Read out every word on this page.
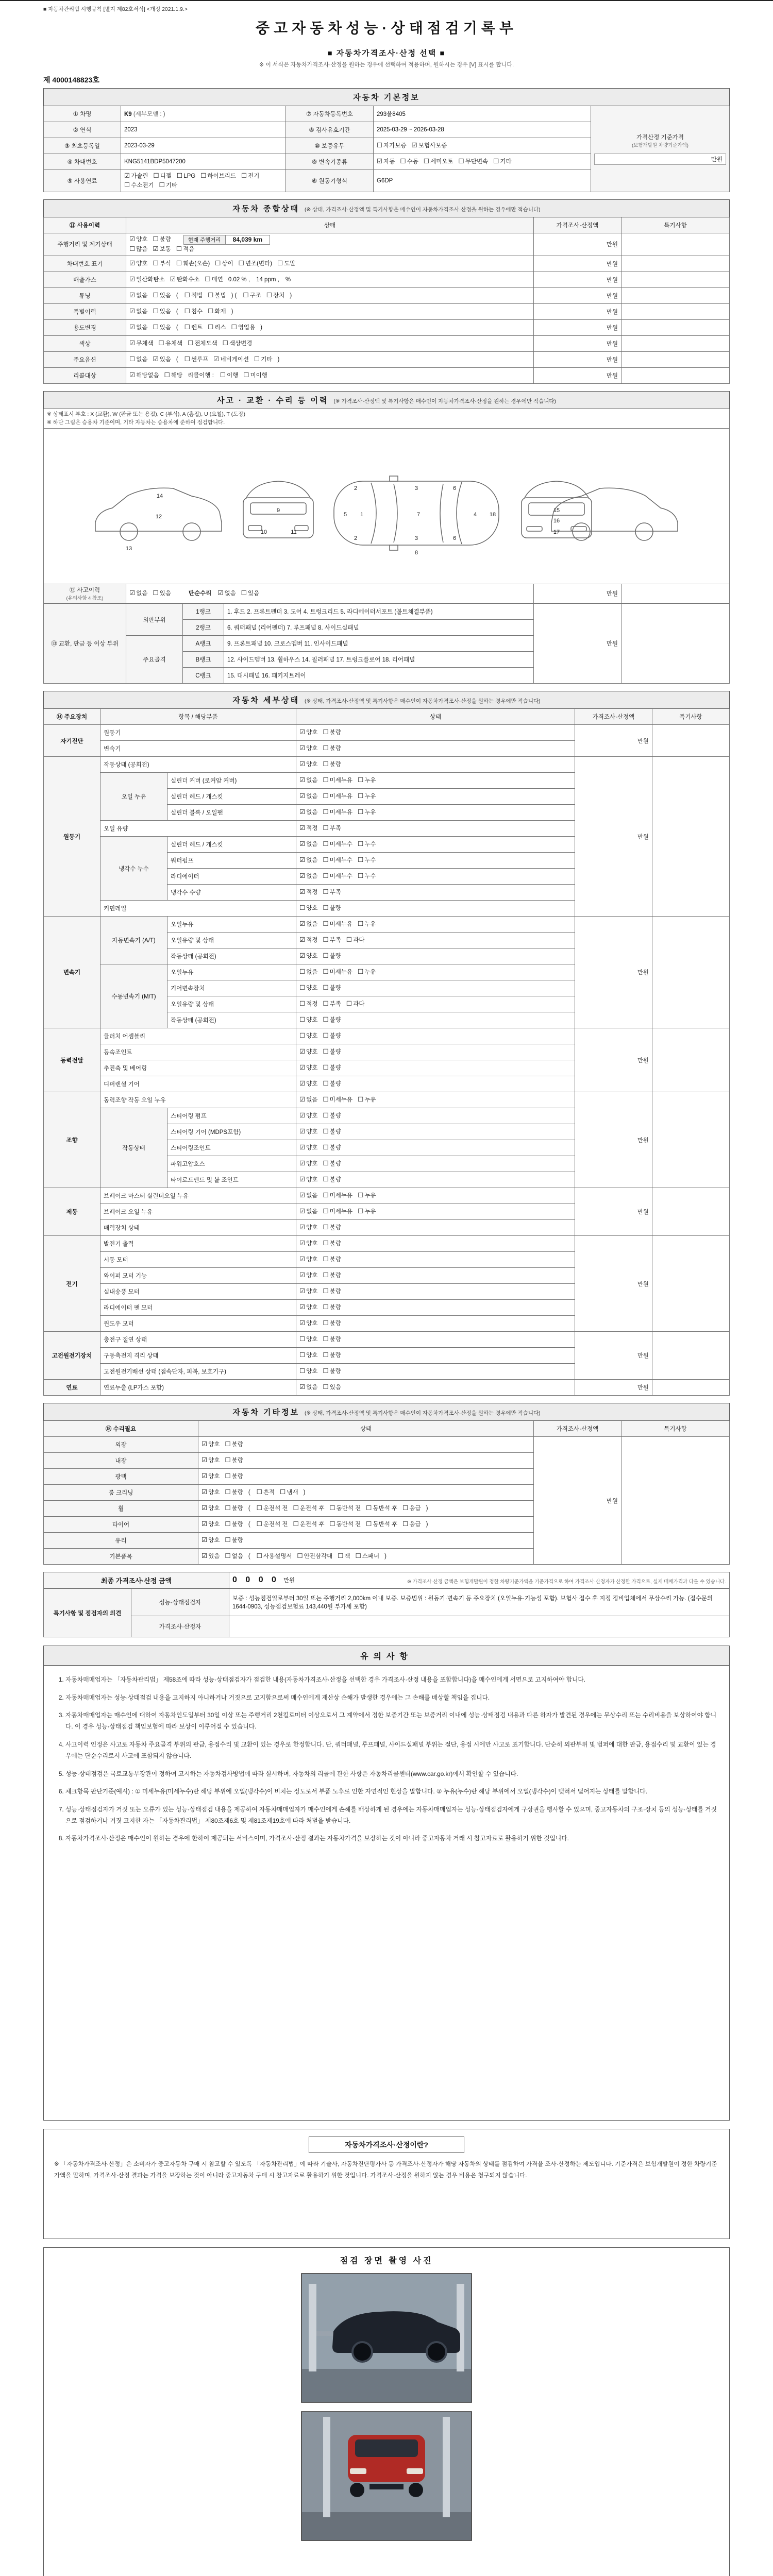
■ 자동차관리법 시행규칙 [별지 제82호서식] <개정 2021.1.9.>
중고자동차성능·상태점검기록부
■ 자동차가격조사·산정 선택 ■
※ 이 서식은 자동차가격조사·산정을 원하는 경우에 선택하여 적용하며, 원하시는 경우 [V] 표시를 합니다.
제 4000148823호
자동차 기본정보				
① 차명	K9 (세부모델 : )	⑦ 자동차등록번호	293울8405	가격산정 기준가격
(보험개발원 차량기준가액)
만원

② 연식	2023	⑧ 검사유효기간	2025-03-29 ~ 2026-03-28	
③ 최초등록일	2023-03-29	⑩ 보증유무	☐ 자가보증 ☑ 보험사보증	
④ 차대번호	KNG5141BDP5047200	⑨ 변속기종류	☑ 자동 ☐ 수동 ☐ 세미오토 ☐ 무단변속 ☐ 기타	
⑤ 사용연료	☑ 가솔린 ☐ 디젤 ☐ LPG ☐ 하이브리드 ☐ 전기☐ 수소전기 ☐ 기타	⑥ 원동기형식	G6DP	
자동차 종합상태 (※ 상태, 가격조사·산정액 및 특기사항은 매수인이 자동차가격조사·산정을 원하는 경우에만 적습니다)			
⑪ 사용이력	상태	가격조사·산정액	특기사항
주행거리 및 계기상태	☑ 양호 ☐ 불량 현재 주행거리 84,039 km
☐ 많음 ☑ 보통 ☐ 적음	만원	
차대번호 표기	☑ 양호 ☐ 부식 ☐ 훼손(오손) ☐ 상이 ☐ 변조(변타) ☐ 도말	만원	
배출가스	☑ 일산화탄소 ☑ 탄화수소 ☐ 매연 0.02 % , 14 ppm , %	만원	
튜닝	☑ 없음 ☐ 있음 ( ☐ 적법 ☐ 불법 ) ( ☐ 구조 ☐ 장치 )	만원	
특별이력	☑ 없음 ☐ 있음 ( ☐ 침수 ☐ 화재 )	만원	
용도변경	☑ 없음 ☐ 있음 ( ☐ 렌트 ☐ 리스 ☐ 영업용 )	만원	
색상	☑ 무채색 ☐ 유채색 ☐ 전체도색 ☐ 색상변경	만원	
주요옵션	☐ 없음 ☑ 있음 ( ☐ 썬루프 ☑ 네비게이션 ☐ 기타 )	만원	
리콜대상	☑ 해당없음 ☐ 해당 리콜이행 : ☐ 이행 ☐ 미이행	만원	
사고 · 교환 · 수리 등 이력 (※ 가격조사·산정액 및 특기사항은 매수인이 자동차가격조사·산정을 원하는 경우에만 적습니다)
※ 상태표시 부호 : X (교환), W (판금 또는 용접), C (부식), A (흠집), U (요철), T (도장)
※ 하단 그림은 승용차 기준이며, 기타 자동차는 승용차에 준하여 점검합니다.

5 1
2
2
3
3
7
6
6
8
4 18
9
10	11
12
13
14
15
16
17

⑫ 사고이력
(유의사항 4 참조)
	☑ 없음 ☐ 있음	단순수리 ☑ 없음 ☐ 있음	만원	
⑬ 교환, 판금 등 이상 부위	외판부위	1랭크	1. 후드 2. 프론트펜더 3. 도어 4. 트렁크리드 5. 라디에이터서포트 (볼트체결부품)	만원	
		2랭크	6. 쿼터패널 (리어펜더) 7. 루프패널 8. 사이드실패널		
	주요골격	A랭크	9. 프론트패널 10. 크로스멤버 11. 인사이드패널		
		B랭크	12. 사이드멤버 13. 휠하우스 14. 필러패널 17. 트렁크플로어 18. 리어패널		
		C랭크	15. 대시패널 16. 패키지트레이		
자동차 세부상태 (※ 상태, 가격조사·산정액 및 특기사항은 매수인이 자동차가격조사·산정을 원하는 경우에만 적습니다)					
⑭ 주요장치	항목 / 해당부품		상태	가격조사·산정액	특기사항
자기진단	원동기		☑ 양호 ☐ 불량	만원	
	변속기		☑ 양호 ☐ 불량		
원동기	작동상태 (공회전)		☑ 양호 ☐ 불량	만원	
	오일 누유	실린더 커버 (로커암 커버)	☑ 없음 ☐ 미세누유 ☐ 누유		
		실린더 헤드 / 개스킷	☑ 없음 ☐ 미세누유 ☐ 누유		
		실린더 블록 / 오일팬	☑ 없음 ☐ 미세누유 ☐ 누유		
	오일 유량		☑ 적정 ☐ 부족		
	냉각수 누수	실린더 헤드 / 개스킷	☑ 없음 ☐ 미세누수 ☐ 누수		
		워터펌프	☑ 없음 ☐ 미세누수 ☐ 누수		
		라디에이터	☑ 없음 ☐ 미세누수 ☐ 누수		
		냉각수 수량	☑ 적정 ☐ 부족		
	커먼레일		☐ 양호 ☐ 불량		
변속기	자동변속기 (A/T)	오일누유	☑ 없음 ☐ 미세누유 ☐ 누유	만원	
		오일유량 및 상태	☑ 적정 ☐ 부족 ☐ 과다		
		작동상태 (공회전)	☑ 양호 ☐ 불량		
	수동변속기 (M/T)	오일누유	☐ 없음 ☐ 미세누유 ☐ 누유		
		기어변속장치	☐ 양호 ☐ 불량		
		오일유량 및 상태	☐ 적정 ☐ 부족 ☐ 과다		
		작동상태 (공회전)	☐ 양호 ☐ 불량		
동력전달	클러치 어셈블리		☐ 양호 ☐ 불량	만원	
	등속조인트		☑ 양호 ☐ 불량		
	추진축 및 베어링		☑ 양호 ☐ 불량		
	디퍼렌셜 기어		☑ 양호 ☐ 불량		
조향	동력조향 작동 오일 누유		☑ 없음 ☐ 미세누유 ☐ 누유	만원	
	작동상태	스티어링 펌프	☑ 양호 ☐ 불량		
		스티어링 기어 (MDPS포함)	☑ 양호 ☐ 불량		
		스티어링조인트	☑ 양호 ☐ 불량		
		파워고압호스	☑ 양호 ☐ 불량		
		타이로드엔드 및 볼 조인트	☑ 양호 ☐ 불량		
제동	브레이크 마스터 실린더오일 누유		☑ 없음 ☐ 미세누유 ☐ 누유	만원	
	브레이크 오일 누유		☑ 없음 ☐ 미세누유 ☐ 누유		
	배력장치 상태		☑ 양호 ☐ 불량		
전기	발전기 출력		☑ 양호 ☐ 불량	만원	
	시동 모터		☑ 양호 ☐ 불량		
	와이퍼 모터 기능		☑ 양호 ☐ 불량		
	실내송풍 모터		☑ 양호 ☐ 불량		
	라디에이터 팬 모터		☑ 양호 ☐ 불량		
	윈도우 모터		☑ 양호 ☐ 불량		
고전원전기장치	충전구 절연 상태		☐ 양호 ☐ 불량	만원	
	구동축전지 격리 상태		☐ 양호 ☐ 불량		
	고전원전기배선 상태 (접속단자, 피복, 보호기구)		☐ 양호 ☐ 불량		
연료	연료누출 (LP가스 포함)		☑ 없음 ☐ 있음	만원	
자동차 기타정보 (※ 상태, 가격조사·산정액 및 특기사항은 매수인이 자동차가격조사·산정을 원하는 경우에만 적습니다)			
⑮ 수리필요	상태	가격조사·산정액	특기사항
외장	☑ 양호 ☐ 불량	만원	
내장	☑ 양호 ☐ 불량		
광택	☑ 양호 ☐ 불량		
룸 크리닝	☑ 양호 ☐ 불량 ( ☐ 흔적 ☐ 냄새 )		
휠	☑ 양호 ☐ 불량 ( ☐ 운전석 전 ☐ 운전석 후 ☐ 동반석 전 ☐ 동반석 후 ☐ 응급 )		
타이어	☑ 양호 ☐ 불량 ( ☐ 운전석 전 ☐ 운전석 후 ☐ 동반석 전 ☐ 동반석 후 ☐ 응급 )		
유리	☑ 양호 ☐ 불량		
기본품목	☑ 있음 ☐ 없음 ( ☐ 사용설명서 ☐ 안전삼각대 ☐ 잭 ☐ 스패너 )		
최종 가격조사·산정 금액	0 0 0 0 만원	※ 가격조사·산정 금액은 보험개발원이 정한 차량기준가액을 기준가격으로 하여 가격조사·산정자가 산정한 가격으로, 실제 매매가격과 다를 수 있습니다.
특기사항 및 점검자의 의견	성능·상태점검자	보증 : 성능점검일로부터 30일 또는 주행거리 2,000km 이내 보증. 보증범위 : 원동기·변속기 등 주요장치 (오일누유·기능성 포함). 보험사 접수 후 지정 정비업체에서 무상수리 가능. (접수문의 1644-0903, 성능점검보험료 143,440원 부가세 포함)
	가격조사·산정자	
유의사항
1. 자동차매매업자는 「자동차관리법」 제58조에 따라 성능·상태점검자가 점검한 내용(자동차가격조사·산정을 선택한 경우 가격조사·산정 내용을 포함합니다)을 매수인에게 서면으로 고지하여야 합니다.
2. 자동차매매업자는 성능·상태점검 내용을 고지하지 아니하거나 거짓으로 고지함으로써 매수인에게 재산상 손해가 발생한 경우에는 그 손해를 배상할 책임을 집니다.
3. 자동차매매업자는 매수인에 대하여 자동차인도일부터 30일 이상 또는 주행거리 2천킬로미터 이상으로서 그 계약에서 정한 보증기간 또는 보증거리 이내에 성능·상태점검 내용과 다른 하자가 발견된 경우에는 무상수리 또는 수리비용을 보상하여야 합니다. 이 경우 성능·상태점검 책임보험에 따라 보상이 이루어질 수 있습니다.
4. 사고이력 인정은 사고로 자동차 주요골격 부위의 판금, 용접수리 및 교환이 있는 경우로 한정합니다. 단, 쿼터패널, 루프패널, 사이드실패널 부위는 절단, 용접 시에만 사고로 표기합니다. 단순히 외판부위 및 범퍼에 대한 판금, 용접수리 및 교환이 있는 경우에는 단순수리로서 사고에 포함되지 않습니다.
5. 성능·상태점검은 국토교통부장관이 정하여 고시하는 자동차검사방법에 따라 실시하며, 자동차의 리콜에 관한 사항은 자동차리콜센터(www.car.go.kr)에서 확인할 수 있습니다.
6. 체크항목 판단기준(예시) : ① 미세누유(미세누수)란 해당 부위에 오일(냉각수)이 비치는 정도로서 부품 노후로 인한 자연적인 현상을 말합니다. ② 누유(누수)란 해당 부위에서 오일(냉각수)이 맺혀서 떨어지는 상태를 말합니다.
7. 성능·상태점검자가 거짓 또는 오류가 있는 성능·상태점검 내용을 제공하여 자동차매매업자가 매수인에게 손해를 배상하게 된 경우에는 자동차매매업자는 성능·상태점검자에게 구상권을 행사할 수 있으며, 중고자동차의 구조·장치 등의 성능·상태를 거짓으로 점검하거나 거짓 고지한 자는 「자동차관리법」 제80조제6호 및 제81조제19호에 따라 처벌을 받습니다.
8. 자동차가격조사·산정은 매수인이 원하는 경우에 한하여 제공되는 서비스이며, 가격조사·산정 결과는 자동차가격을 보장하는 것이 아니라 중고자동차 거래 시 참고자료로 활용하기 위한 것입니다.
자동차가격조사·산정이란?
※ 「자동차가격조사·산정」은 소비자가 중고자동차 구매 시 참고할 수 있도록 「자동차관리법」에 따라 기술사, 자동차진단평가사 등 가격조사·산정자가 해당 자동차의 상태를 점검하여 가격을 조사·산정하는 제도입니다. 기준가격은 보험개발원이 정한 차량기준가액을 말하며, 가격조사·산정 결과는 가격을 보장하는 것이 아니라 중고자동차 구매 시 참고자료로 활용하기 위한 것입니다. 가격조사·산정을 원하지 않는 경우 비용은 청구되지 않습니다.
점검 장면 촬영 사진
